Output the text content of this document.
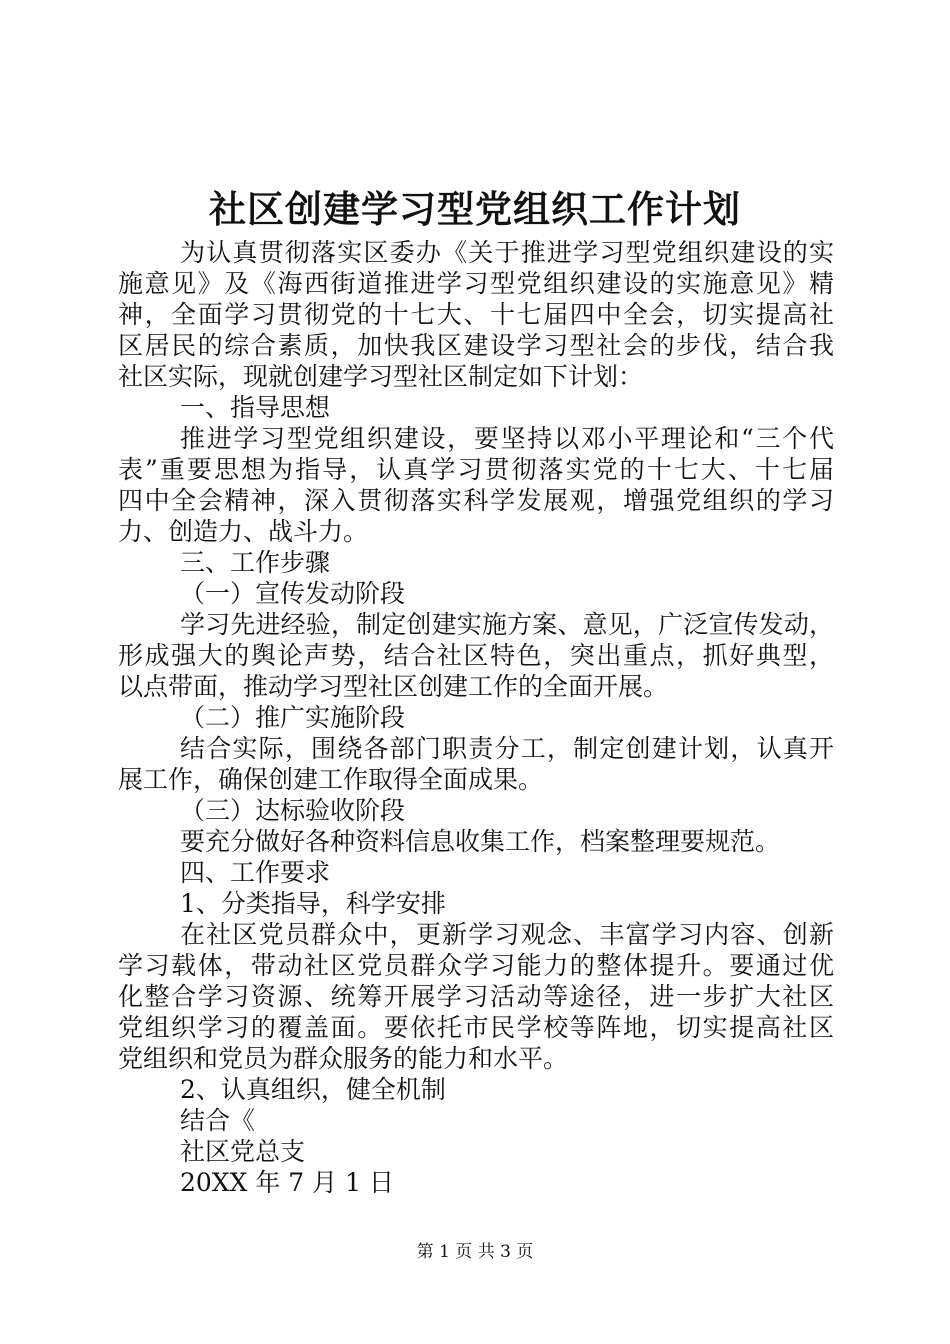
社区创建学习型党组织工作计划
为认真贯彻落实区委办《关于推进学习型党组织建设的实
施意见》及《海西街道推进学习型党组织建设的实施意见》精
神，全面学习贯彻党的十七大、十七届四中全会，切实提高社
区居民的综合素质，加快我区建设学习型社会的步伐，结合我
社区实际，现就创建学习型社区制定如下计划：
一、指导思想
推进学习型党组织建设，要坚持以邓小平理论和“三个代
表”重要思想为指导，认真学习贯彻落实党的十七大、十七届
四中全会精神，深入贯彻落实科学发展观，增强党组织的学习
力、创造力、战斗力。
三、工作步骤
（一）宣传发动阶段
学习先进经验，制定创建实施方案、意见，广泛宣传发动，
形成强大的舆论声势，结合社区特色，突出重点，抓好典型，
以点带面，推动学习型社区创建工作的全面开展。
（二）推广实施阶段
结合实际，围绕各部门职责分工，制定创建计划，认真开
展工作，确保创建工作取得全面成果。
（三）达标验收阶段
要充分做好各种资料信息收集工作，档案整理要规范。
四、工作要求
1、分类指导，科学安排
在社区党员群众中，更新学习观念、丰富学习内容、创新
学习载体，带动社区党员群众学习能力的整体提升。要通过优
化整合学习资源、统筹开展学习活动等途径，进一步扩大社区
党组织学习的覆盖面。要依托市民学校等阵地，切实提高社区
党组织和党员为群众服务的能力和水平。
2、认真组织，健全机制
结合《
社区党总支
20XX 年 7 月 1 日
第 1 页 共 3 页
